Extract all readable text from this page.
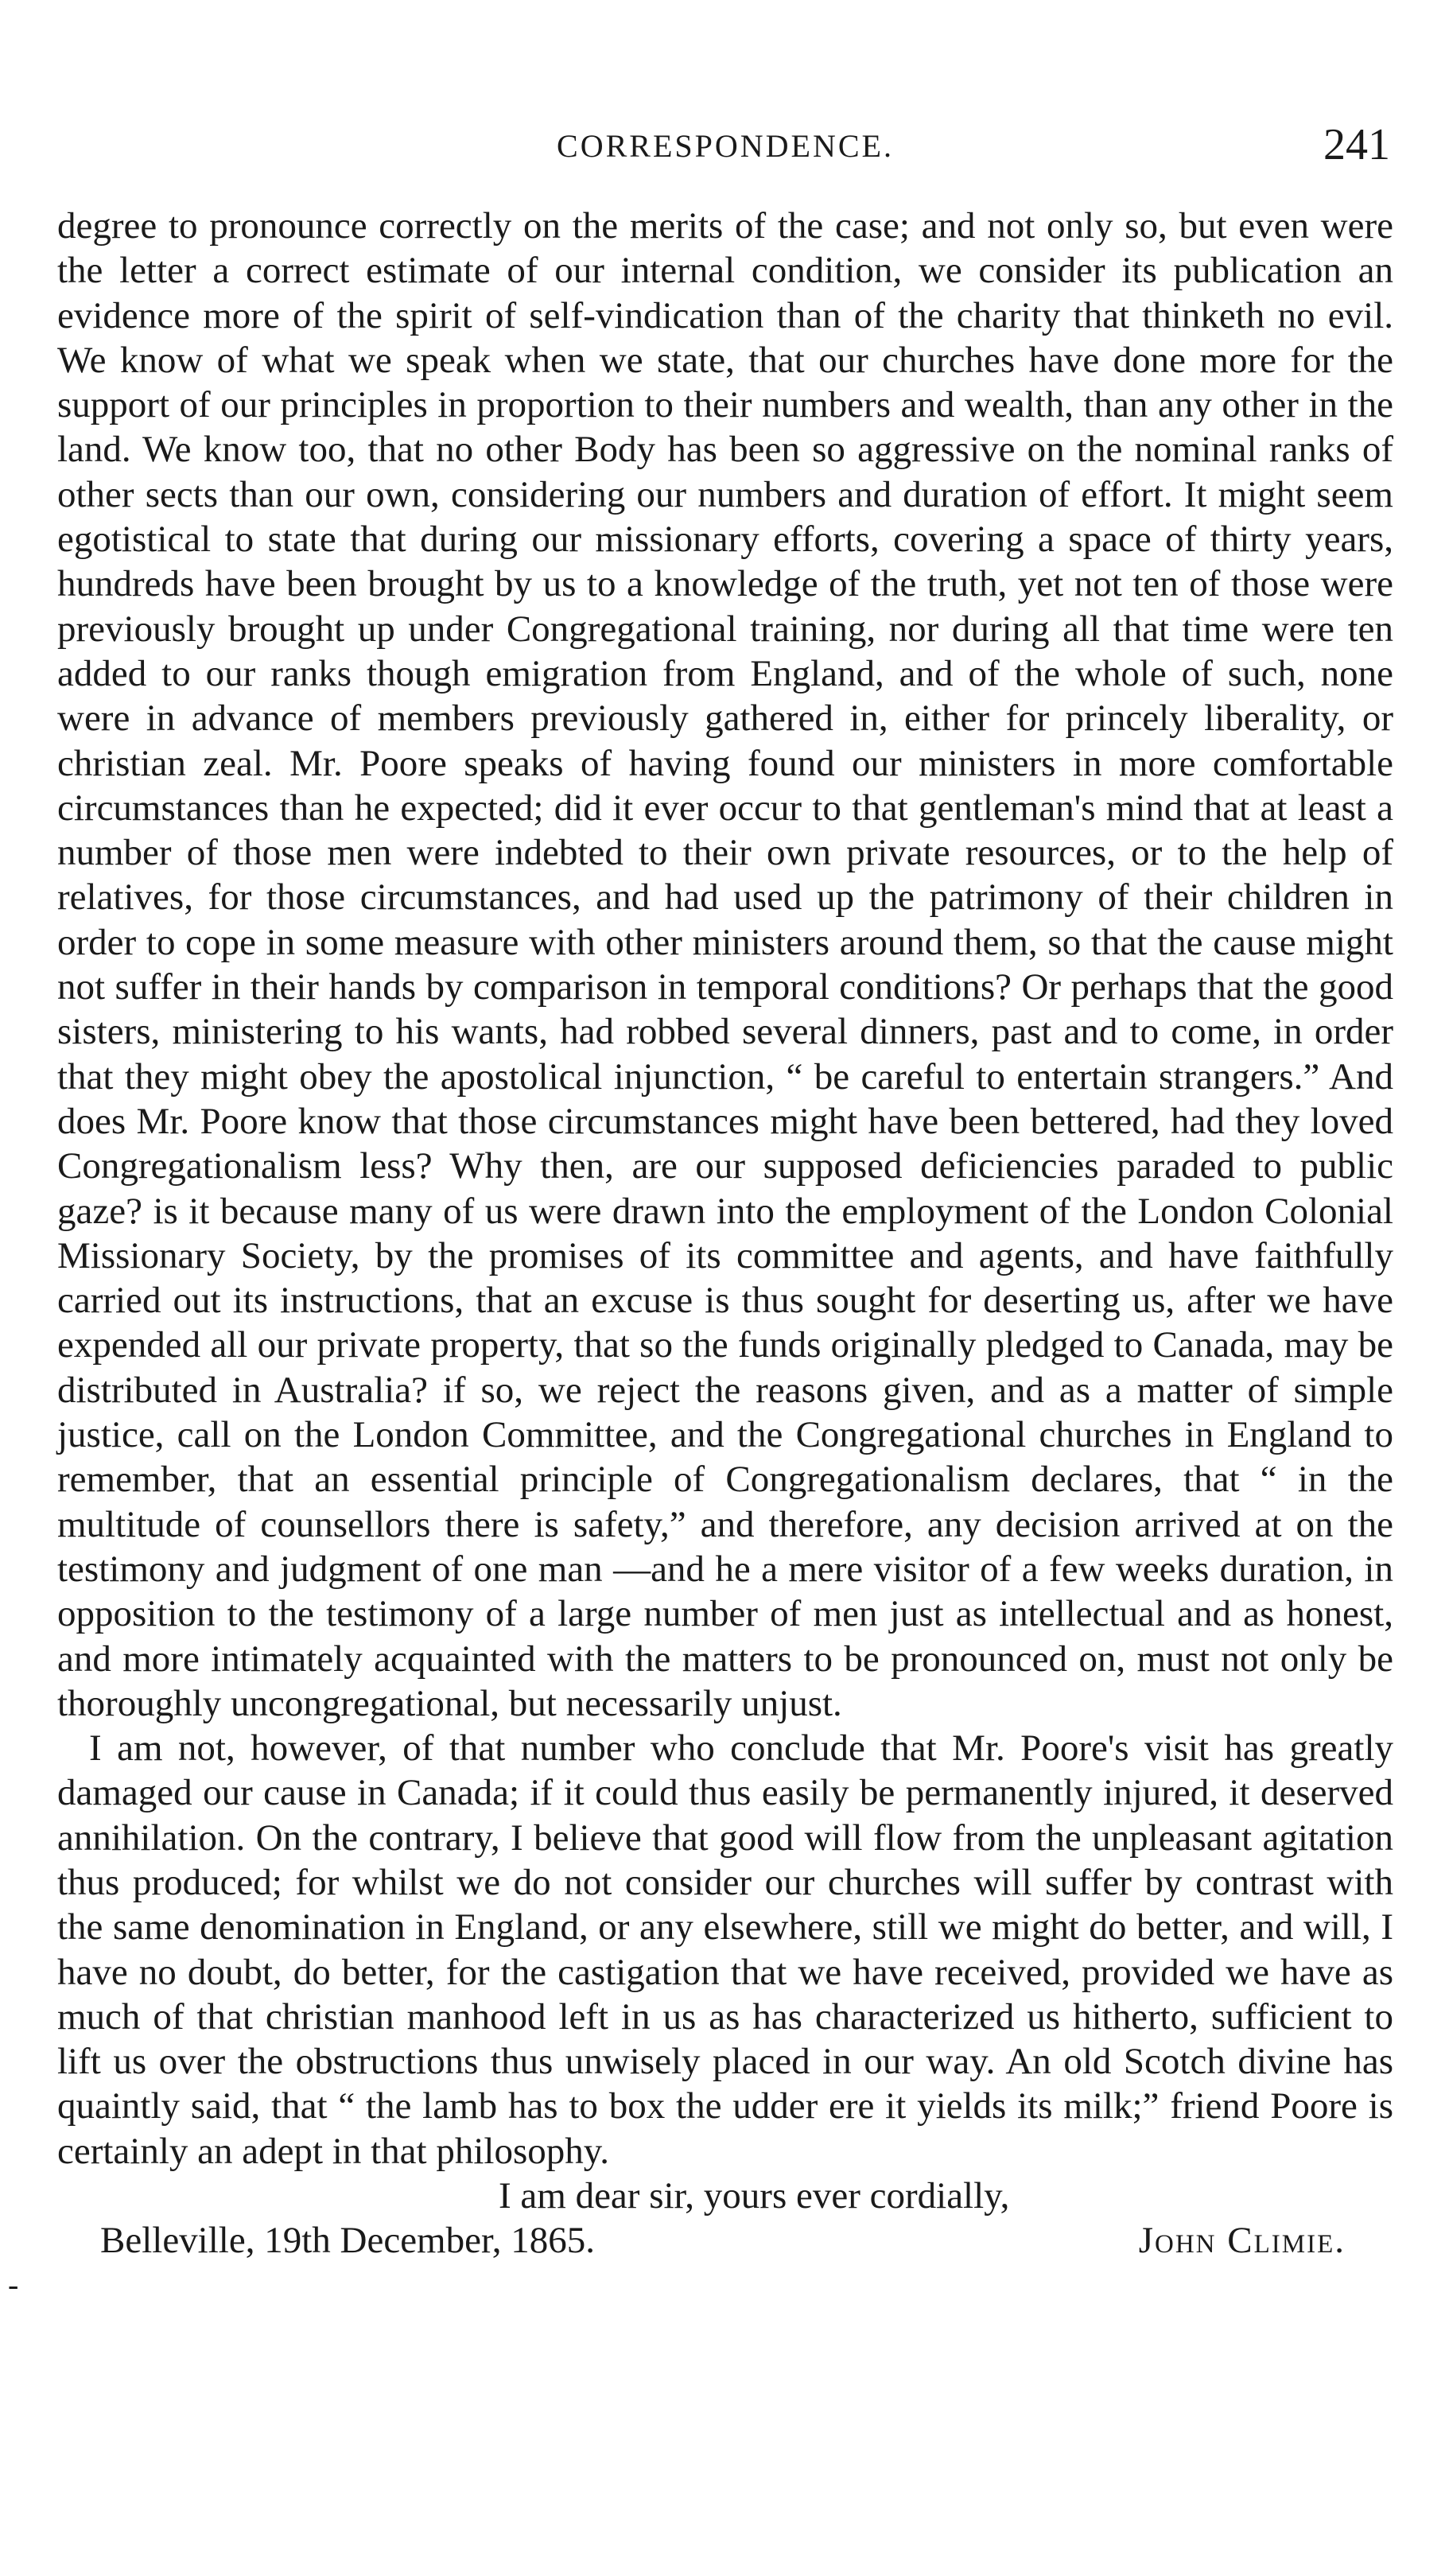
CORRESPONDENCE.	241

degree to pronounce correctly on the merits of the case; and not only so, but even were the letter a correct estimate of our internal condition, we consider its publication an evidence more of the spirit of self-vindication than of the charity that thinketh no evil. We know of what we speak when we state, that our churches have done more for the support of our principles in proportion to their numbers and wealth, than any other in the land. We know too, that no other Body has been so aggressive on the nominal ranks of other sects than our own, considering our numbers and duration of effort. It might seem egotistical to state that during our missionary efforts, covering a space of thirty years, hundreds have been brought by us to a knowledge of the truth, yet not ten of those were previously brought up under Congregational training, nor during all that time were ten added to our ranks though emigration from England, and of the whole of such, none were in advance of members previously gathered in, either for princely liberality, or christian zeal. Mr. Poore speaks of having found our ministers in more comfortable circumstances than he expected; did it ever occur to that gentleman's mind that at least a number of those men were indebted to their own private resources, or to the help of relatives, for those circumstances, and had used up the patrimony of their children in order to cope in some measure with other ministers around them, so that the cause might not suffer in their hands by comparison in temporal conditions? Or perhaps that the good sisters, ministering to his wants, had robbed several dinners, past and to come, in order that they might obey the apostolical injunction, “ be careful to entertain strangers.” And does Mr. Poore know that those circumstances might have been bettered, had they loved Congregationalism less? Why then, are our supposed deficiencies paraded to public gaze? is it because many of us were drawn into the employment of the London Colonial Missionary Society, by the promises of its committee and agents, and have faithfully carried out its instructions, that an excuse is thus sought for deserting us, after we have expended all our private property, that so the funds originally pledged to Canada, may be distributed in Australia? if so, we reject the reasons given, and as a matter of simple justice, call on the London Committee, and the Congregational churches in England to remember, that an essential principle of Congregationalism declares, that “ in the multitude of counsellors there is safety,” and therefore, any decision arrived at on the testimony and judgment of one man —and he a mere visitor of a few weeks duration, in opposition to the testimony of a large number of men just as intellectual and as honest, and more intimately acquainted with the matters to be pronounced on, must not only be thoroughly uncongregational, but necessarily unjust.

I am not, however, of that number who conclude that Mr. Poore's visit has greatly damaged our cause in Canada; if it could thus easily be permanently injured, it deserved annihilation. On the contrary, I believe that good will flow from the unpleasant agitation thus produced; for whilst we do not consider our churches will suffer by contrast with the same denomination in England, or any elsewhere, still we might do better, and will, I have no doubt, do better, for the castigation that we have received, provided we have as much of that christian manhood left in us as has characterized us hitherto, sufficient to lift us over the obstructions thus unwisely placed in our way. An old Scotch divine has quaintly said, that “ the lamb has to box the udder ere it yields its milk;” friend Poore is certainly an adept in that philosophy.

I am dear sir, yours ever cordially,
Belleville, 19th December, 1865.	John Climie.
-
